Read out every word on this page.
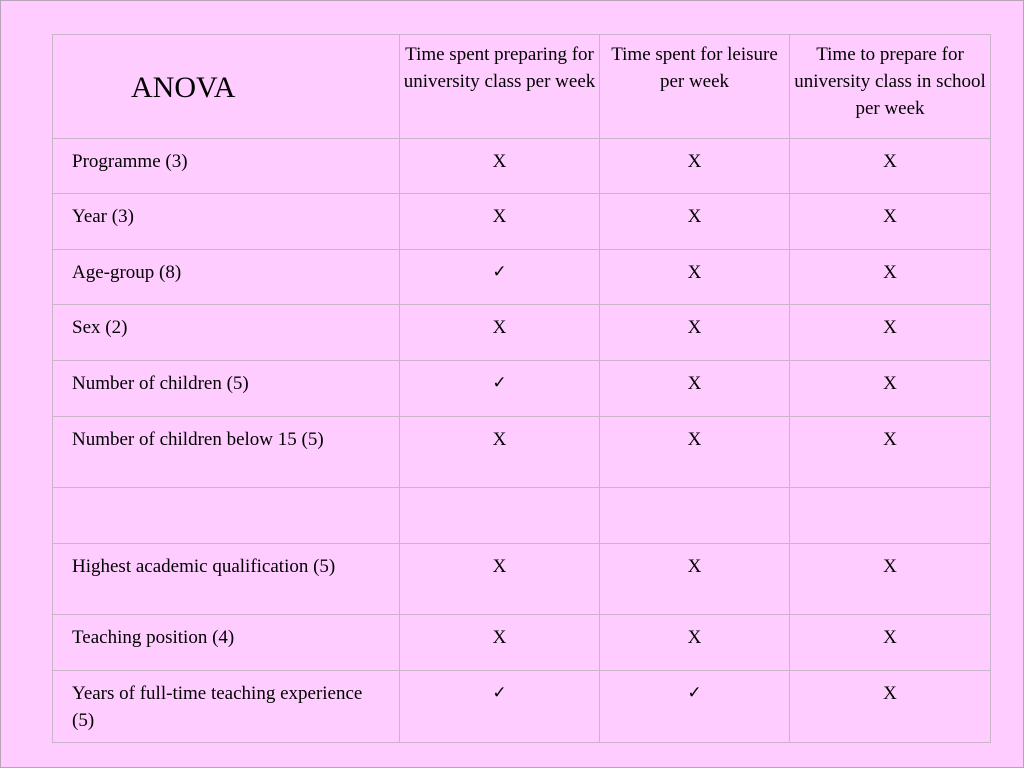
ANOVA	Time spent preparing for university class per week	Time spent for leisure per week	Time to prepare for university class in school per week

Programme (3)	X	X	X
Year (3)	X	X	X
Age-group (8)	✓	X	X
Sex (2)	X	X	X
Number of children (5)	✓	X	X
Number of children below 15 (5)	X	X	X

Highest academic qualification (5)	X	X	X
Teaching position (4)	X	X	X
Years of full-time teaching experience (5)	✓	✓	X
